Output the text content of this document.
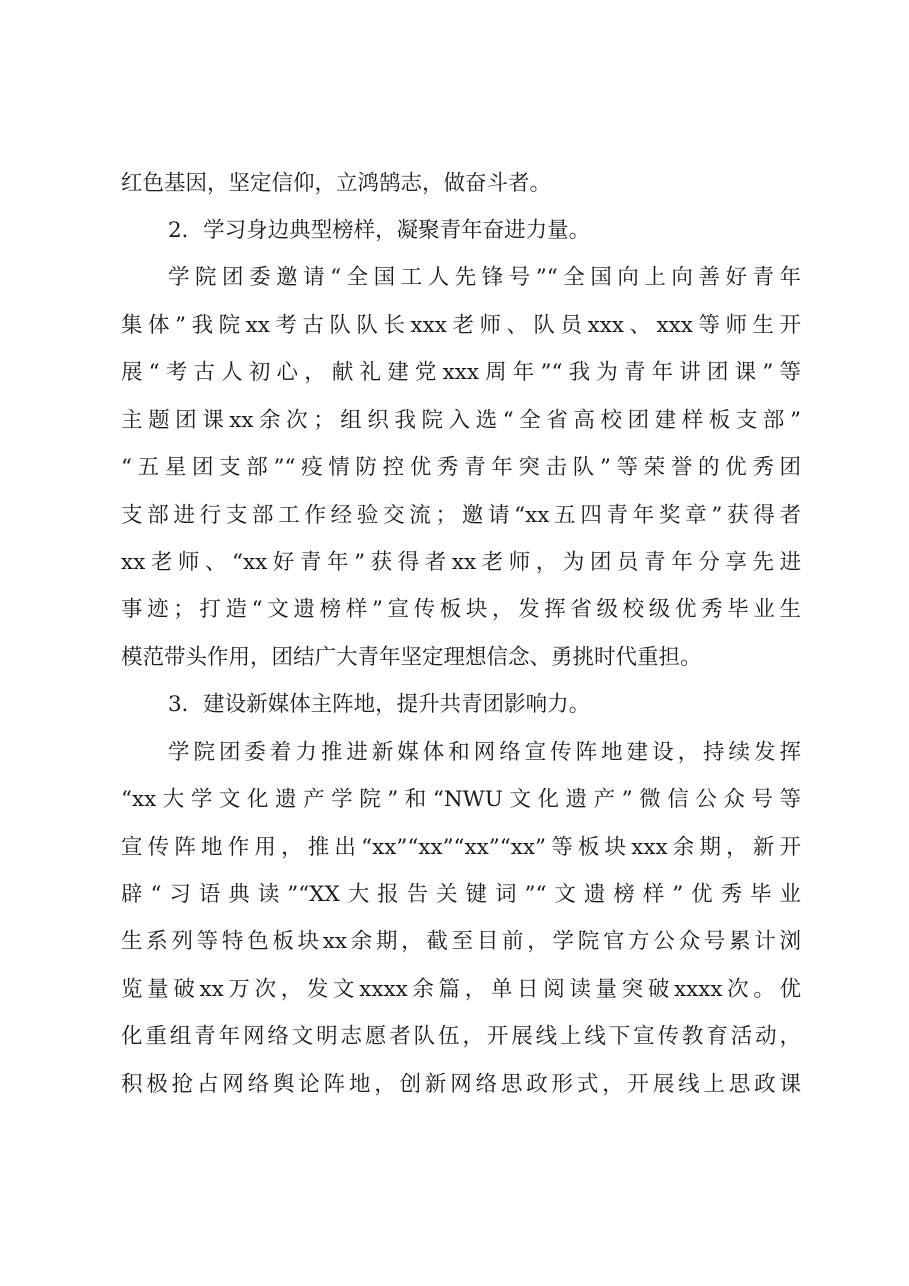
红色基因，坚定信仰，立鸿鹄志，做奋斗者。
2．学习身边典型榜样，凝聚青年奋进力量。
学院团委邀请“全国工人先锋号”“全国向上向善好青年
集体”我院xx考古队队长xxx老师、队员xxx、xxx等师生开
展“考古人初心，献礼建党xxx周年”“我为青年讲团课”等
主题团课xx余次；组织我院入选“全省高校团建样板支部”
“五星团支部”“疫情防控优秀青年突击队”等荣誉的优秀团
支部进行支部工作经验交流；邀请“xx五四青年奖章”获得者
xx老师、“xx好青年”获得者xx老师，为团员青年分享先进
事迹；打造“文遗榜样”宣传板块，发挥省级校级优秀毕业生
模范带头作用，团结广大青年坚定理想信念、勇挑时代重担。
3．建设新媒体主阵地，提升共青团影响力。
学院团委着力推进新媒体和网络宣传阵地建设，持续发挥
“xx大学文化遗产学院”和“NWU文化遗产”微信公众号等
宣传阵地作用，推出“xx”“xx”“xx”“xx”等板块xxx余期，新开
辟“习语典读”“XX大报告关键词”“文遗榜样”优秀毕业
生系列等特色板块xx余期，截至目前，学院官方公众号累计浏
览量破xx万次，发文xxxx余篇，单日阅读量突破xxxx次。优
化重组青年网络文明志愿者队伍，开展线上线下宣传教育活动，
积极抢占网络舆论阵地，创新网络思政形式，开展线上思政课
